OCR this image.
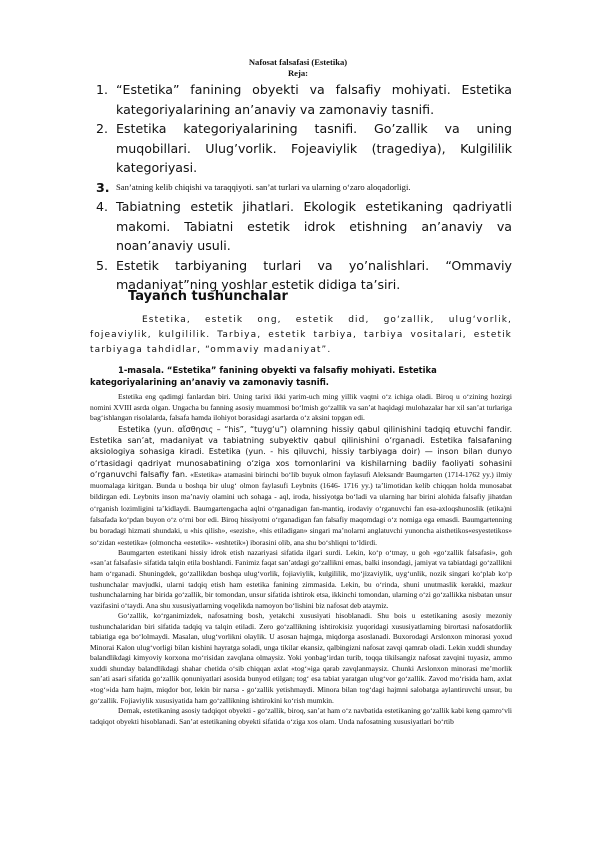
Nafosat falsafasi (Estetika)
Reja:
1. “Estetika” fanining obyekti va falsafiy mohiyati. Estetika kategoriyalarining an’anaviy va zamonaviy tasnifi.
2. Estetika kategoriyalarining tasnifi. Go’zallik va uning muqobillari. Ulug’vorlik. Fojeaviylik (tragediya), Kulgililik kategoriyasi.
3. San’atning kelib chiqishi va taraqqiyoti. san’at turlari va ularning o‘zaro aloqadorligi.
4. Tabiatning estetik jihatlari. Ekologik estetikaning qadriyatli makomi. Tabiatni estetik idrok etishning an’anaviy va noan’anaviy usuli.
5. Estetik tarbiyaning turlari va yo’nalishlari. “Ommaviy madaniyat”ning yoshlar estetik didiga ta’siri.
Tayanch tushunchalar
Estetika, estetik ong, estetik did, go‘zallik, ulug‘vorlik, fojeaviylik, kulgililik. Tarbiya, estetik tarbiya, tarbiya vositalari, estetik tarbiyaga tahdidlar, “ommaviy madaniyat”.
1-masala. “Estetika” fanining obyekti va falsafiy mohiyati. Estetika kategoriyalarining an’anaviy va zamonaviy tasnifi.

Estetika eng qadimgi fanlardan biri. Uning tarixi ikki yarim-uch ming yillik vaqtni o‘z ichiga oladi. Biroq u o‘zining hozirgi nomini XVIII asrda olgan. Ungacha bu fanning asosiy muammosi bo‘lmish go‘zallik va san’at haqidagi mulohazalar har xil san’at turlariga bag‘ishlangan risolalarda, falsafa hamda ilohiyot borasidagi asarlarda o‘z aksini topgan edi.

Estetika (yun. αἴσθησις – “his”, “tuyg‘u”) olamning hissiy qabul qilinishini tadqiq etuvchi fandir. Estetika san’at, madaniyat va tabiatning subyektiv qabul qilinishini o‘rganadi. Estetika falsafaning aksiologiya sohasiga kiradi. Estetika (yun. - his qiluvchi, hissiy tarbiyaga doir) — inson bilan dunyo o‘rtasidagi qadriyat munosabatining o‘ziga xos tomonlarini va kishilarning badiiy faoliyati sohasini o‘rganuvchi falsafiy fan. «Estetika» atamasini birinchi bo‘lib buyuk olmon faylasufi Aleksandr Baumgarten (1714-1762 yy.) ilmiy muomalaga kiritgan. Bunda u boshqa bir ulug‘ olmon faylasufi Leybnits (1646- 1716 yy.) ta’limotidan kelib chiqqan holda munosabat bildirgan edi. Leybnits inson ma’naviy olamini uch sohaga - aql, iroda, hissiyotga bo‘ladi va ularning har birini alohida falsafiy jihatdan o‘rganish lozimligini ta’kidlaydi. Baumgartengacha aqlni o‘rganadigan fan-mantiq, irodaviy o‘rganuvchi fan esa-axloqshunoslik (etika)ni falsafada ko‘pdan buyon o‘z o‘rni bor edi. Biroq hissiyotni o‘rganadigan fan falsafiy maqomdagi o‘z nomiga ega emasdi. Baumgartenning bu boradagi hizmati shundaki, u «his qilish», «sezish», «his etiladigan» singari ma’nolarni anglatuvchi yunoncha aisthetikos«esyestetikos» so‘zidan «estetika» (olmoncha «estetik»- «eshtetik») iborasini olib, ana shu bo‘shliqni to‘ldirdi.

Baumgarten estetikani hissiy idrok etish nazariyasi sifatida ilgari surdi. Lekin, ko‘p o‘tmay, u goh «go‘zallik falsafasi», goh «san’at falsafasi» sifatida talqin etila boshlandi. Fanimiz faqat san’atdagi go‘zallikni emas, balki insondagi, jamiyat va tabiatdagi go‘zallikni ham o‘rganadi. Shuningdek, go‘zallikdan boshqa ulug‘vorlik, fojiaviylik, kulgililik, mo‘jizaviylik, uyg‘unlik, nozik singari ko‘plab ko‘p tushunchalar mavjudki, ularni tadqiq etish ham estetika fanining zimmasida. Lekin, bu o‘rinda, shuni unutmaslik kerakki, mazkur tushunchalarning har birida go‘zallik, bir tomondan, unsur sifatida ishtirok etsa, ikkinchi tomondan, ularning o‘zi go‘zallikka nisbatan unsur vazifasini o‘taydi. Ana shu xususiyatlarning voqelikda namoyon bo‘lishini biz nafosat deb ataymiz.

Go‘zallik, ko‘rganimizdek, nafosatning bosh, yetakchi xususiyati hisoblanadi. Shu bois u estetikaning asosiy mezoniy tushunchalaridan biri sifatida tadqiq va talqin etiladi. Zero go‘zallikning ishtirokisiz yuqoridagi xususiyatlarning birortasi nafosatdorlik tabiatiga ega bo‘lolmaydi. Masalan, ulug‘vorlikni olaylik. U asosan hajmga, miqdorga asoslanadi. Buxorodagi Arslonxon minorasi yoxud Minorai Kalon ulug‘vorligi bilan kishini hayratga soladi, unga tikilar ekansiz, qalbingizni nafosat zavqi qamrab oladi. Lekin xuddi shunday balandlikdagi kimyoviy korxona mo‘risidan zavqlana olmaysiz. Yoki yonbag‘irdan turib, toqqa tikilsangiz nafosat zavqini tuyasiz, ammo xuddi shunday balandlikdagi shahar chetida o‘sib chiqqan axlat «tog‘»iga qarab zavqlanmaysiz. Chunki Arslonxon minorasi me’morlik san’ati asari sifatida go‘zallik qonuniyatlari asosida bunyod etilgan; tog‘ esa tabiat yaratgan ulug‘vor go‘zallik. Zavod mo‘risida ham, axlat «tog‘»ida ham hajm, miqdor bor, lekin bir narsa - go‘zallik yetishmaydi. Minora bilan tog‘dagi hajmni salobatga aylantiruvchi unsur, bu go‘zallik. Fojiaviylik xususiyatida ham go‘zallikning ishtirokini ko‘rish mumkin.

Demak, estetikaning asosiy tadqiqot obyekti - go‘zallik, biroq, san’at ham o‘z navbatida estetikaning go‘zallik kabi keng qamro‘vli tadqiqot obyekti hisoblanadi. San’at estetikaning obyekti sifatida o‘ziga xos olam. Unda nafosatning xususiyatlari bo‘rtib
